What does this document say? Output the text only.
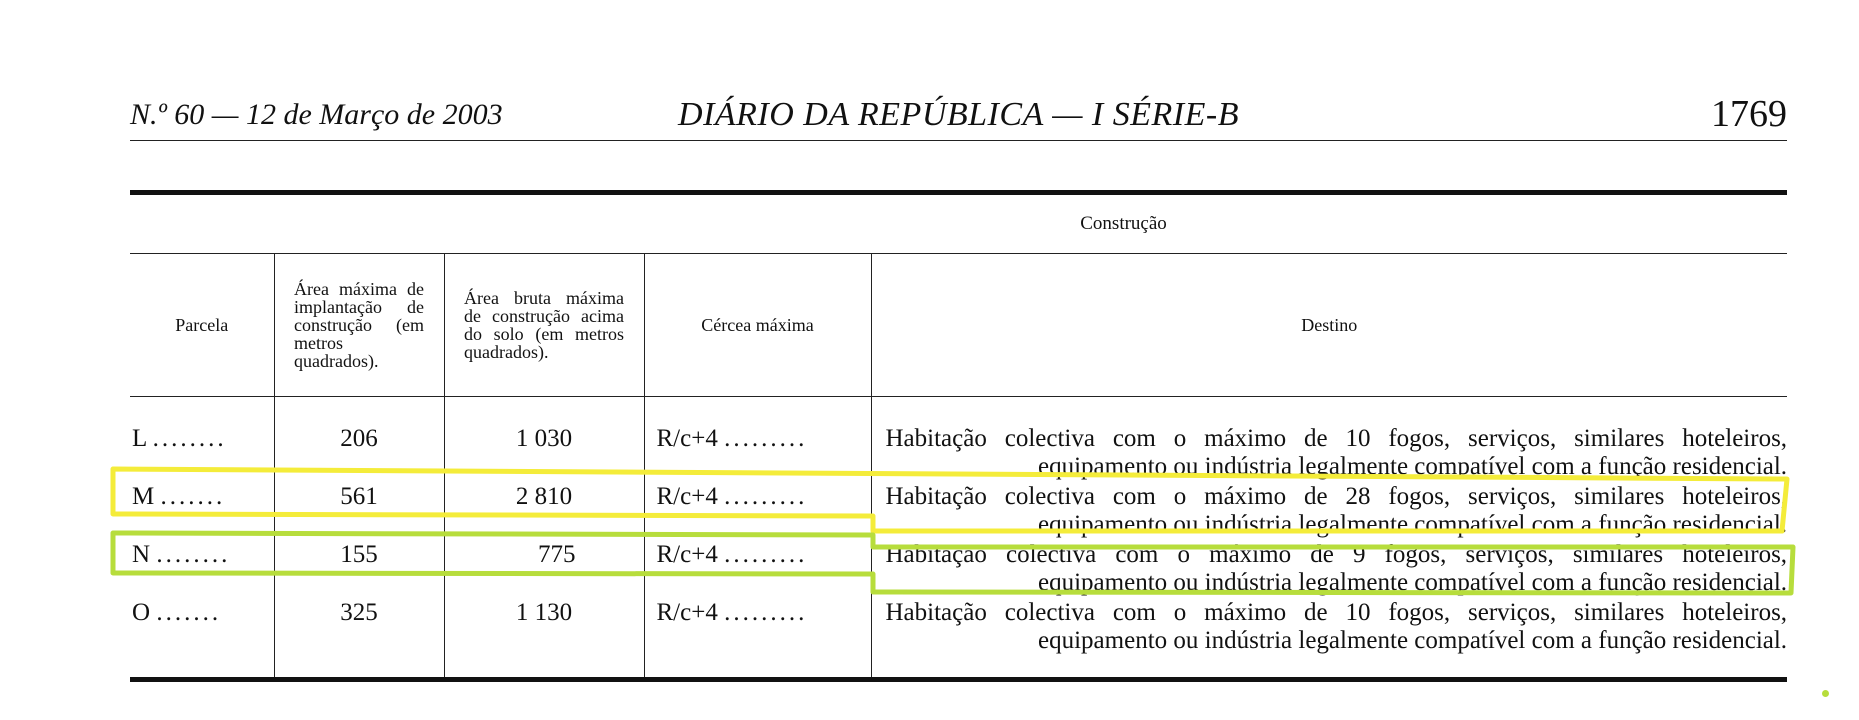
N.º 60 — 12 de Março de 2003	DIÁRIO DA REPÚBLICA — I SÉRIE-B	1769
Construção				
Parcela	Área máxima de implantação de construção (em metros quadrados).	Área bruta máxima de construção acima do solo (em metros quadrados).	Cércea máxima	Destino
L ........	206	1 030	R/c+4 .........	Habitação colectiva com o máximo de 10 fogos, serviços, similares hoteleiros, equipamento ou indústria legalmente compatível com a função residencial.
M .......	561	2 810	R/c+4 .........	Habitação colectiva com o máximo de 28 fogos, serviços, similares hoteleiros, equipamento ou indústria legalmente compatível com a função residencial.
N ........	155	775	R/c+4 .........	Habitação colectiva com o máximo de 9 fogos, serviços, similares hoteleiros, equipamento ou indústria legalmente compatível com a função residencial.
O .......	325	1 130	R/c+4 .........	Habitação colectiva com o máximo de 10 fogos, serviços, similares hoteleiros, equipamento ou indústria legalmente compatível com a função residencial.
